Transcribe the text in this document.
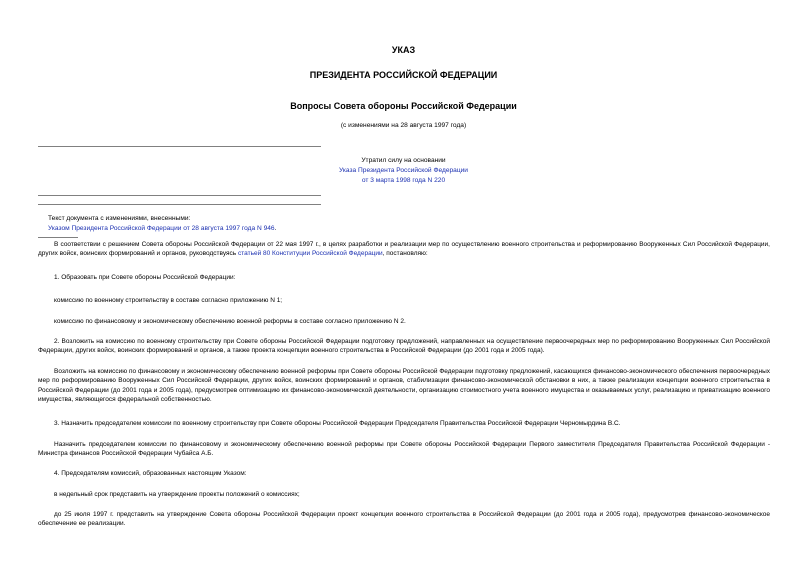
УКАЗ
ПРЕЗИДЕНТА РОССИЙСКОЙ ФЕДЕРАЦИИ
Вопросы Совета обороны Российской Федерации
(с изменениями на 28 августа 1997 года)
Утратил силу на основании
Указа Президента Российской Федерации
от 3 марта 1998 года N 220
Текст документа с изменениями, внесенными:
Указом Президента Российской Федерации от 28 августа 1997 года N 946.
В соответствии с решением Совета обороны Российской Федерации от 22 мая 1997 г., в целях разработки и реализации мер по осуществлению военного строительства и реформированию Вооруженных Сил Российской Федерации, других войск, воинских формирований и органов, руководствуясь статьей 80 Конституции Российской Федерации, постановляю:
1. Образовать при Совете обороны Российской Федерации:
комиссию по военному строительству в составе согласно приложению N 1;
комиссию по финансовому и экономическому обеспечению военной реформы в составе согласно приложению N 2.
2. Возложить на комиссию по военному строительству при Совете обороны Российской Федерации подготовку предложений, направленных на осуществление первоочередных мер по реформированию Вооруженных Сил Российской Федерации, других войск, воинских формирований и органов, а также проекта концепции военного строительства в Российской Федерации (до 2001 года и 2005 года).
Возложить на комиссию по финансовому и экономическому обеспечению военной реформы при Совете обороны Российской Федерации подготовку предложений, касающихся финансово-экономического обеспечения первоочередных мер по реформированию Вооруженных Сил Российской Федерации, других войск, воинских формирований и органов, стабилизации финансово-экономической обстановки в них, а также реализации концепции военного строительства в Российской Федерации (до 2001 года и 2005 года), предусмотрев оптимизацию их финансово-экономической деятельности, организацию стоимостного учета военного имущества и оказываемых услуг, реализацию и приватизацию военного имущества, являющегося федеральной собственностью.
3. Назначить председателем комиссии по военному строительству при Совете обороны Российской Федерации Председателя Правительства Российской Федерации Черномырдина В.С.
Назначить председателем комиссии по финансовому и экономическому обеспечению военной реформы при Совете обороны Российской Федерации Первого заместителя Председателя Правительства Российской Федерации - Министра финансов Российской Федерации Чубайса А.Б.
4. Председателям комиссий, образованных настоящим Указом:
в недельный срок представить на утверждение проекты положений о комиссиях;
до 25 июля 1997 г. представить на утверждение Совета обороны Российской Федерации проект концепции военного строительства в Российской Федерации (до 2001 года и 2005 года), предусмотрев финансово-экономическое обеспечение ее реализации.
